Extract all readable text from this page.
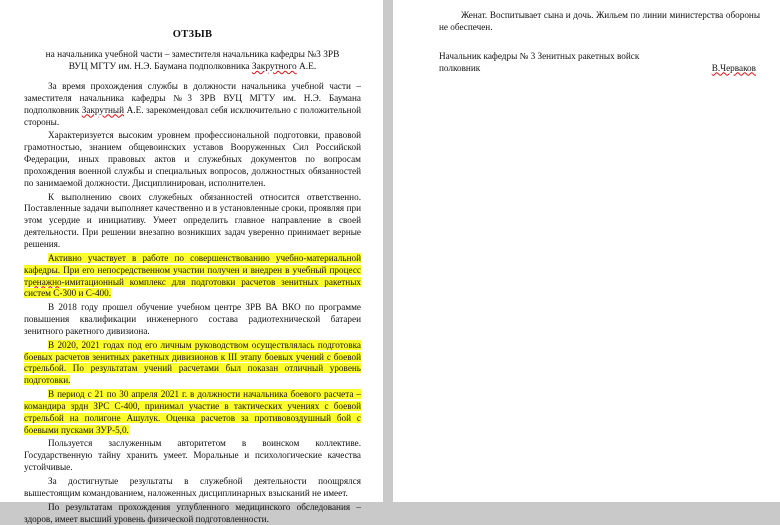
ОТЗЫВ
на начальника учебной части – заместителя начальника кафедры №3 ЗРВ
ВУЦ МГТУ им. Н.Э. Баумана подполковника Закрутного А.Е.
За время прохождения службы в должности начальника учебной части – заместителя начальника кафедры №3 ЗРВ ВУЦ МГТУ им. Н.Э. Баумана подполковник Закрутный А.Е. зарекомендовал себя исключительно с положительной стороны.
Характеризуется высоким уровнем профессиональной подготовки, правовой грамотностью, знанием общевоинских уставов Вооруженных Сил Российской Федерации, иных правовых актов и служебных документов по вопросам прохождения военной службы и специальных вопросов, должностных обязанностей по занимаемой должности. Дисциплинирован, исполнителен.
К выполнению своих служебных обязанностей относится ответственно. Поставленные задачи выполняет качественно и в установленные сроки, проявляя при этом усердие и инициативу. Умеет определить главное направление в своей деятельности. При решении внезапно возникших задач уверенно принимает верные решения.
Активно участвует в работе по совершенствованию учебно-материальной кафедры. При его непосредственном участии получен и внедрен в учебный процесс тренажно-имитационный комплекс для подготовки расчетов зенитных ракетных систем С-300 и С-400.
В 2018 году прошел обучение учебном центре ЗРВ ВА ВКО по программе повышения квалификации инженерного состава радиотехнической батареи зенитного ракетного дивизиона.
В 2020, 2021 годах под его личным руководством осуществлялась подготовка боевых расчетов зенитных ракетных дивизионов к III этапу боевых учений с боевой стрельбой. По результатам учений расчетами был показан отличный уровень подготовки.
В период с 21 по 30 апреля 2021 г. в должности начальника боевого расчета – командира зрдн ЗРС С-400, принимал участие в тактических учениях с боевой стрельбой на полигоне Ашулук. Оценка расчетов за противовоздушный бой с боевыми пусками ЗУР-5,0.
Пользуется заслуженным авторитетом в воинском коллективе. Государственную тайну хранить умеет. Моральные и психологические качества устойчивые.
За достигнутые результаты в служебной деятельности поощрялся вышестоящим командованием, наложенных дисциплинарных взысканий не имеет.
По результатам прохождения углубленного медицинского обследования – здоров, имеет высший уровень физической подготовленности.
Женат. Воспитывает сына и дочь. Жильем по линии министерства обороны не обеспечен.
Начальник кафедры № 3 Зенитных ракетных войск
полковник	В.Черваков
